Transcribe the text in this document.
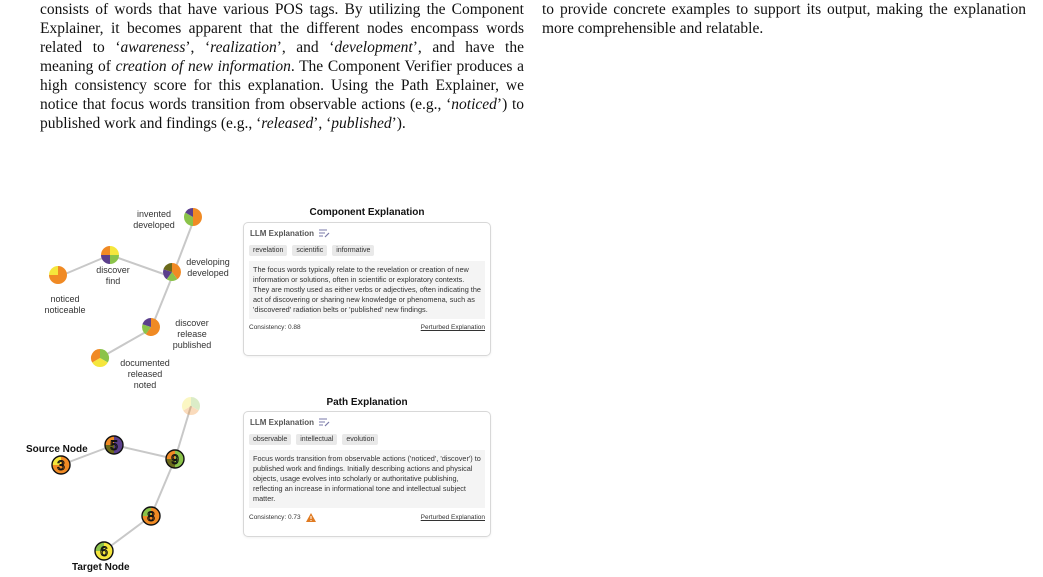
consists of words that have various POS tags. By utilizing the Component Explainer, it becomes apparent that the different nodes encompass words related to ‘awareness’, ‘realization’, and ‘development’, and have the meaning of creation of new information. The Component Verifier produces a high consistency score for this explanation. Using the Path Explainer, we notice that focus words transition from observable actions (e.g., ‘noticed’) to published work and findings (e.g., ‘released’, ‘published’).

to provide concrete examples to support its output, making the explanation more comprehensible and relatable.

3
5
9
8
6
invented
developed
discover
find
developing
developed
noticed
noticeable
discover
release
published
documented
released
noted
Source Node
Target Node
Component Explanation
LLM Explanation
revelation	scientific	informative
The focus words typically relate to the revelation or creation of new information or solutions, often in scientific or exploratory contexts. They are mostly used as either verbs or adjectives, often indicating the act of discovering or sharing new knowledge or phenomena, such as 'discovered' radiation belts or 'published' new findings.
Consistency: 0.88	Perturbed Explanation
Path Explanation
LLM Explanation
observable	intellectual	evolution
Focus words transition from observable actions ('noticed', 'discover') to published work and findings. Initially describing actions and physical objects, usage evolves into scholarly or authoritative publishing, reflecting an increase in informational tone and intellectual subject matter.
Consistency: 0.73	Perturbed Explanation
